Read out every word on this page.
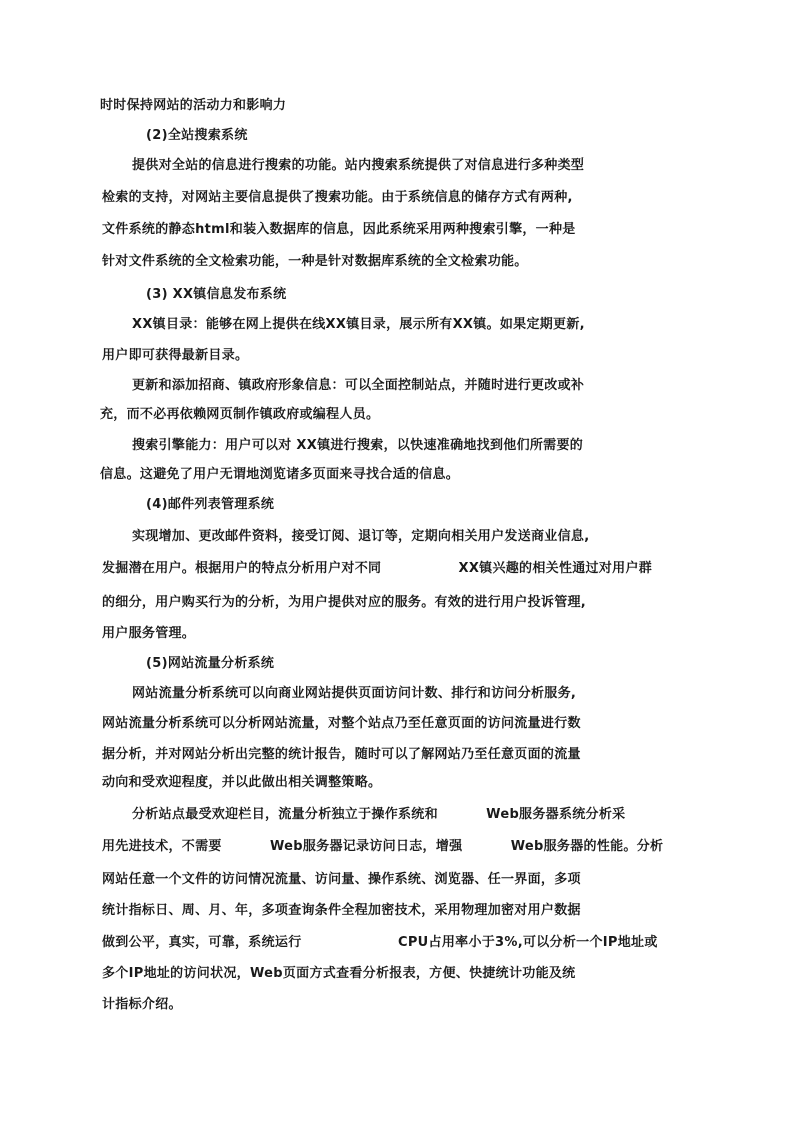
时时保持网站的活动力和影响力
(2)全站搜索系统
提供对全站的信息进行搜索的功能。站内搜索系统提供了对信息进行多种类型
检索的支持，对网站主要信息提供了搜索功能。由于系统信息的储存方式有两种,
文件系统的静态html和装入数据库的信息，因此系统采用两种搜索引擎，一种是
针对文件系统的全文检索功能，一种是针对数据库系统的全文检索功能。
(3) XX镇信息发布系统
XX镇目录：能够在网上提供在线XX镇目录，展示所有XX镇。如果定期更新,
用户即可获得最新目录。
更新和添加招商、镇政府形象信息：可以全面控制站点，并随时进行更改或补
充，而不必再依赖网页制作镇政府或编程人员。
搜索引擎能力：用户可以对 XX镇进行搜索，以快速准确地找到他们所需要的
信息。这避免了用户无谓地浏览诸多页面来寻找合适的信息。
(4)邮件列表管理系统
实现增加、更改邮件资料，接受订阅、退订等，定期向相关用户发送商业信息,
发掘潜在用户。根据用户的特点分析用户对不同                XX镇兴趣的相关性通过对用户群
的细分，用户购买行为的分析，为用户提供对应的服务。有效的进行用户投诉管理,
用户服务管理。
(5)网站流量分析系统
网站流量分析系统可以向商业网站提供页面访问计数、排行和访问分析服务,
网站流量分析系统可以分析网站流量，对整个站点乃至任意页面的访问流量进行数
据分析，并对网站分析出完整的统计报告，随时可以了解网站乃至任意页面的流量
动向和受欢迎程度，并以此做出相关调整策略。
分析站点最受欢迎栏目，流量分析独立于操作系统和          Web服务器系统分析采
用先进技术，不需要          Web服务器记录访问日志，增强          Web服务器的性能。分析
网站任意一个文件的访问情况流量、访问量、操作系统、浏览器、任一界面，多项
统计指标日、周、月、年，多项查询条件全程加密技术，采用物理加密对用户数据
做到公平，真实，可靠，系统运行                    CPU占用率小于3%,可以分析一个IP地址或
多个IP地址的访问状况，Web页面方式查看分析报表，方便、快捷统计功能及统
计指标介绍。
